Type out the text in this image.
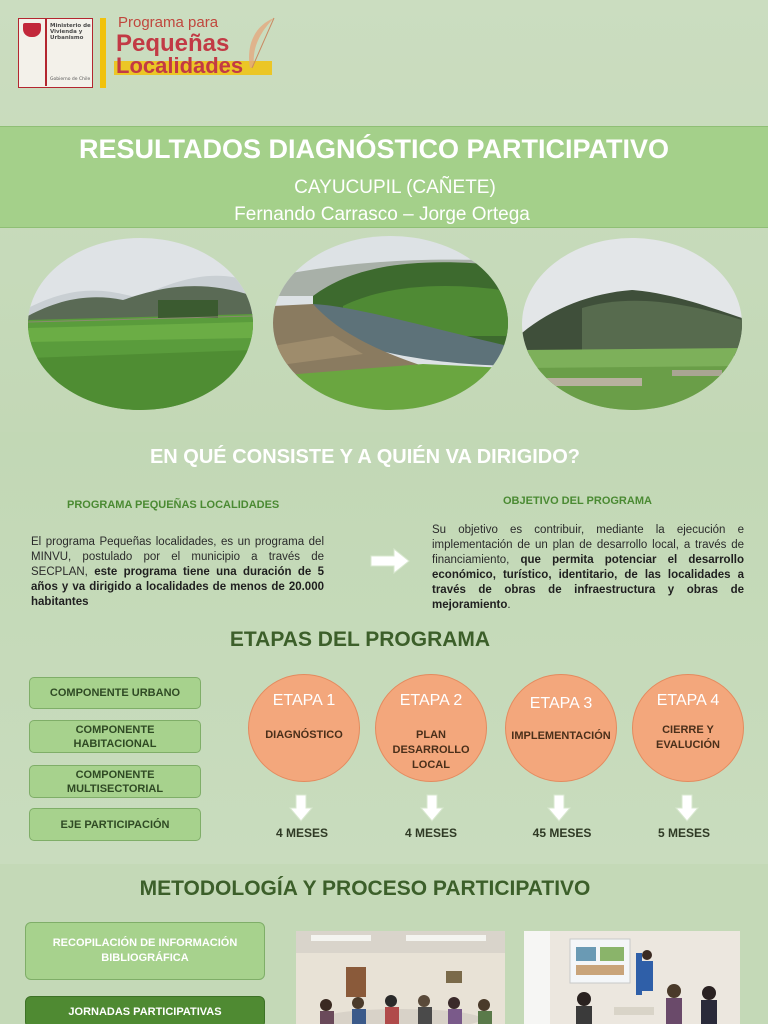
Ministerio de
Vivienda y
Urbanismo
Gobierno de Chile
Programa para
Pequeñas
Localidades
RESULTADOS DIAGNÓSTICO PARTICIPATIVO
CAYUCUPIL (CAÑETE)
Fernando Carrasco – Jorge Ortega
EN QUÉ CONSISTE Y A QUIÉN VA DIRIGIDO?
PROGRAMA PEQUEÑAS LOCALIDADES
El programa Pequeñas localidades, es un programa del MINVU, postulado por el municipio a través de SECPLAN, este programa tiene una duración de 5 años y va dirigido a localidades de menos de 20.000 habitantes
OBJETIVO DEL PROGRAMA
Su objetivo es contribuir, mediante la ejecución e implementación de un plan de desarrollo local, a través de financiamiento, que permita potenciar el desarrollo económico, turístico, identitario, de las localidades a través de obras de infraestructura y obras de mejoramiento.
ETAPAS DEL PROGRAMA
COMPONENTE URBANO
COMPONENTE HABITACIONAL
COMPONENTE MULTISECTORIAL
EJE PARTICIPACIÓN
ETAPA 1
DIAGNÓSTICO
ETAPA 2
PLAN DESARROLLO LOCAL
ETAPA 3
IMPLEMENTACIÓN
ETAPA 4
CIERRE Y EVALUCIÓN
4 MESES	4 MESES	45 MESES	5 MESES
METODOLOGÍA Y PROCESO PARTICIPATIVO
RECOPILACIÓN DE INFORMACIÓN BIBLIOGRÁFICA
JORNADAS PARTICIPATIVAS
